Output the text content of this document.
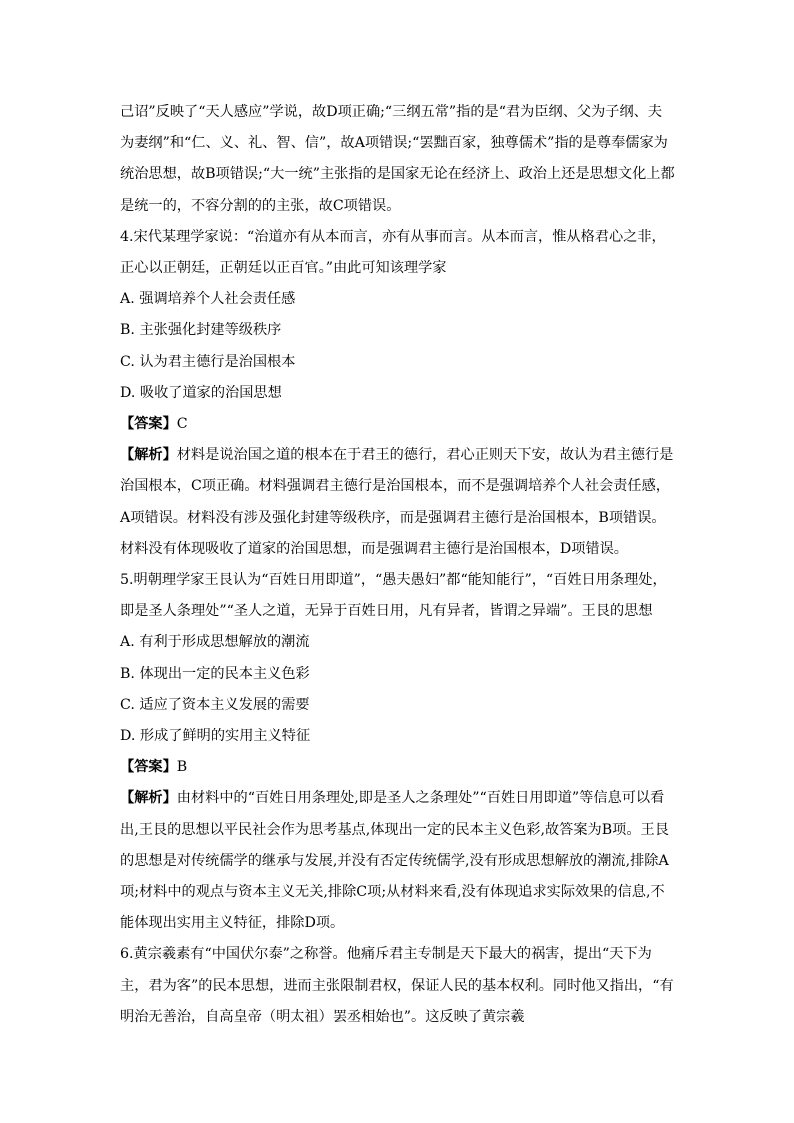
己诏”反映了“天人感应”学说，故D项正确;“三纲五常”指的是“君为臣纲、父为子纲、夫为妻纲”和“仁、义、礼、智、信”，故A项错误;“罢黜百家，独尊儒术”指的是尊奉儒家为统治思想，故B项错误;“大一统”主张指的是国家无论在经济上、政治上还是思想文化上都是统一的，不容分割的的主张，故C项错误。

4.宋代某理学家说：“治道亦有从本而言，亦有从事而言。从本而言，惟从格君心之非，正心以正朝廷，正朝廷以正百官。”由此可知该理学家

A. 强调培养个人社会责任感

B. 主张强化封建等级秩序

C. 认为君主德行是治国根本

D. 吸收了道家的治国思想

【答案】C

【解析】材料是说治国之道的根本在于君王的德行，君心正则天下安，故认为君主德行是治国根本，C项正确。材料强调君主德行是治国根本，而不是强调培养个人社会责任感，A项错误。材料没有涉及强化封建等级秩序，而是强调君主德行是治国根本，B项错误。材料没有体现吸收了道家的治国思想，而是强调君主德行是治国根本，D项错误。

5.明朝理学家王艮认为“百姓日用即道”，“愚夫愚妇”都“能知能行”，“百姓日用条理处，即是圣人条理处”“圣人之道，无异于百姓日用，凡有异者，皆谓之异端”。王艮的思想

A. 有利于形成思想解放的潮流

B. 体现出一定的民本主义色彩

C. 适应了资本主义发展的需要

D. 形成了鲜明的实用主义特征

【答案】B

【解析】由材料中的“百姓日用条理处,即是圣人之条理处”“百姓日用即道”等信息可以看出,王艮的思想以平民社会作为思考基点,体现出一定的民本主义色彩,故答案为B项。王艮的思想是对传统儒学的继承与发展,并没有否定传统儒学,没有形成思想解放的潮流,排除A项;材料中的观点与资本主义无关,排除C项;从材料来看,没有体现追求实际效果的信息,不能体现出实用主义特征，排除D项。

6.黄宗羲素有“中国伏尔泰”之称誉。他痛斥君主专制是天下最大的祸害，提出“天下为主，君为客”的民本思想，进而主张限制君权，保证人民的基本权利。同时他又指出，“有明治无善治，自高皇帝（明太祖）罢丞相始也”。这反映了黄宗羲
